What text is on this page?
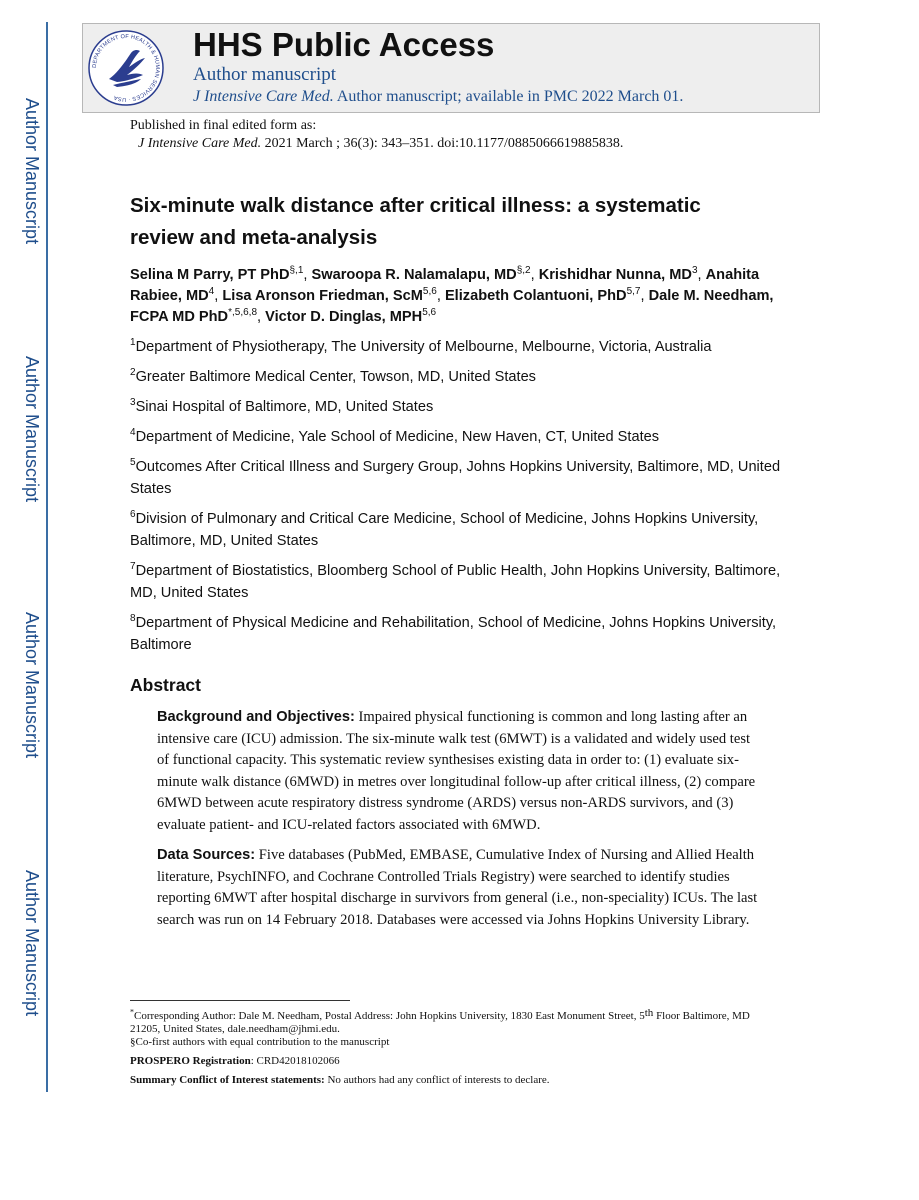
Author Manuscript
Author Manuscript
Author Manuscript
Author Manuscript
DEPARTMENT OF HEALTH & HUMAN SERVICES · USA
HHS Public Access
Author manuscript
J Intensive Care Med. Author manuscript; available in PMC 2022 March 01.
Published in final edited form as:
J Intensive Care Med. 2021 March ; 36(3): 343–351. doi:10.1177/0885066619885838.
Six-minute walk distance after critical illness: a systematic review and meta-analysis
Selina M Parry, PT PhD$^{\S,1}$, Swaroopa R. Nalamalapu, $MD^{\S,2}$, Krishidhar Nunna, $MD^3$, Anahita Rabiee, $MD^4$, Lisa Aronson Friedman, ScM$^{5,6}$, Elizabeth Colantuoni, PhD$^{5,7}$, Dale M. Needham, FCPA MD PhD$^{*,5,6,8}$, Victor D. Dinglas, MPH$^{5,6}$
$^1$Department of Physiotherapy, The University of Melbourne, Melbourne, Victoria, Australia
$^2$Greater Baltimore Medical Center, Towson, MD, United States
$^3$Sinai Hospital of Baltimore, MD, United States
$^4$Department of Medicine, Yale School of Medicine, New Haven, CT, United States
$^5$Outcomes After Critical Illness and Surgery Group, Johns Hopkins University, Baltimore, MD, United States
$^6$Division of Pulmonary and Critical Care Medicine, School of Medicine, Johns Hopkins University, Baltimore, MD, United States
$^7$Department of Biostatistics, Bloomberg School of Public Health, John Hopkins University, Baltimore, MD, United States
$^8$Department of Physical Medicine and Rehabilitation, School of Medicine, Johns Hopkins University, Baltimore
Abstract

Background and Objectives: Impaired physical functioning is common and long lasting after an intensive care (ICU) admission. The six-minute walk test (6MWT) is a validated and widely used test of functional capacity. This systematic review synthesises existing data in order to: (1) evaluate six-minute walk distance (6MWD) in metres over longitudinal follow-up after critical illness, (2) compare 6MWD between acute respiratory distress syndrome (ARDS) versus non-ARDS survivors, and (3) evaluate patient- and ICU-related factors associated with 6MWD.

Data Sources: Five databases (PubMed, EMBASE, Cumulative Index of Nursing and Allied Health literature, PsychINFO, and Cochrane Controlled Trials Registry) were searched to identify studies reporting 6MWT after hospital discharge in survivors from general (i.e., non-speciality) ICUs. The last search was run on 14 February 2018. Databases were accessed via Johns Hopkins University Library.

*Corresponding Author: Dale M. Needham, Postal Address: John Hopkins University, 1830 East Monument Street, 5th Floor Baltimore, MD 21205, United States, dale.needham@jhmi.edu.
§Co-first authors with equal contribution to the manuscript
PROSPERO Registration: CRD42018102066
Summary Conflict of Interest statements: No authors had any conflict of interests to declare.
